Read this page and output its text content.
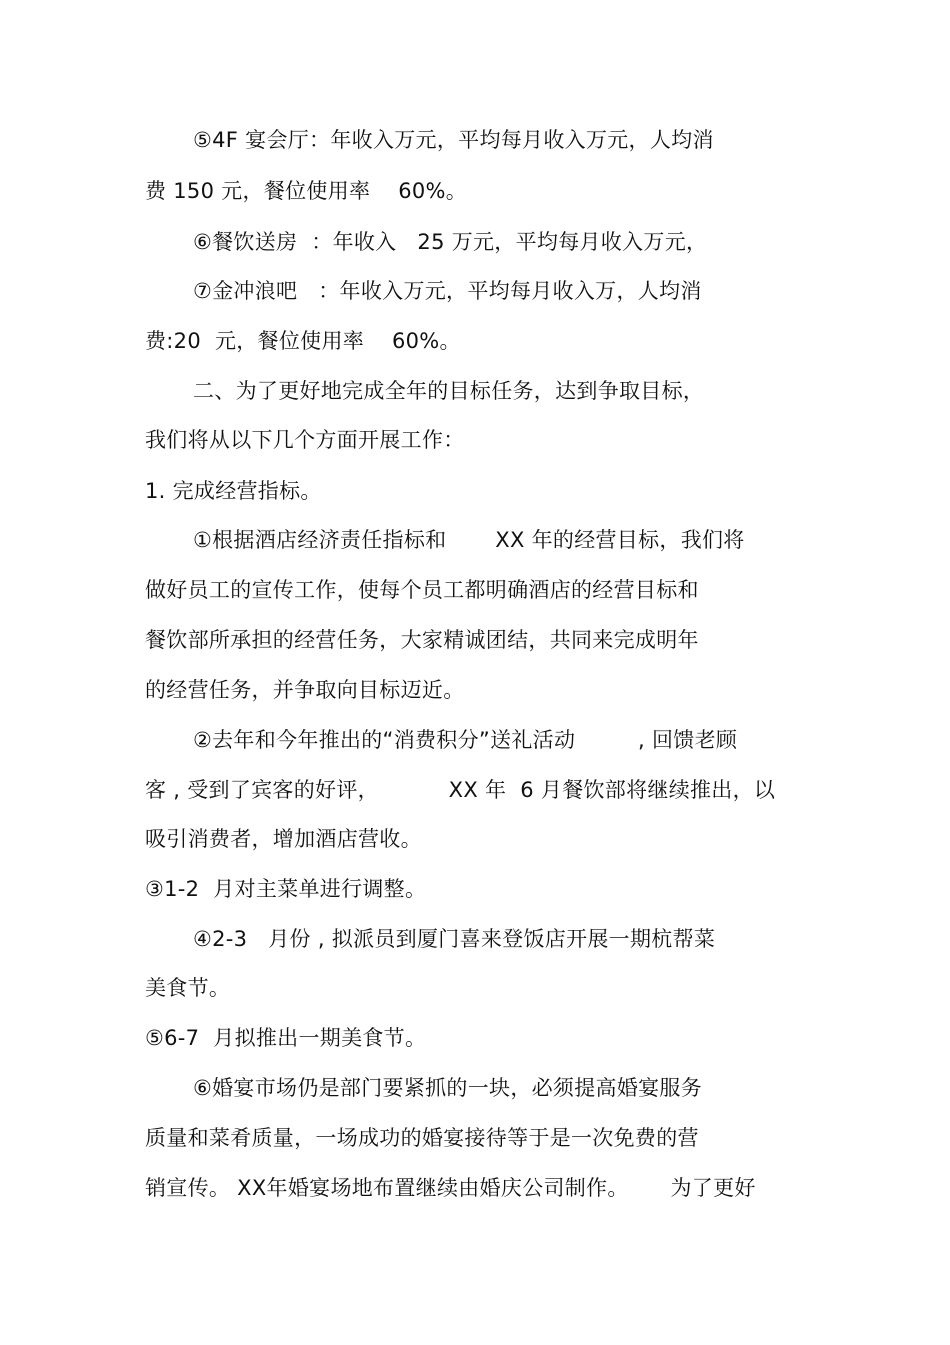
⑤4F 宴会厅：年收入万元，平均每月收入万元，人均消
费 150 元，餐位使用率    60%。
⑥餐饮送房  ：年收入   25 万元，平均每月收入万元，
⑦金冲浪吧   ：年收入万元，平均每月收入万，人均消
费:20  元，餐位使用率    60%。
二、为了更好地完成全年的目标任务，达到争取目标，
我们将从以下几个方面开展工作：
1. 完成经营指标。
①根据酒店经济责任指标和       XX 年的经营目标，我们将
做好员工的宣传工作，使每个员工都明确酒店的经营目标和
餐饮部所承担的经营任务，大家精诚团结，共同来完成明年
的经营任务，并争取向目标迈近。
②去年和今年推出的“消费积分”送礼活动         , 回馈老顾
客 , 受到了宾客的好评，          XX 年  6 月餐饮部将继续推出，以
吸引消费者，增加酒店营收。
③1-2  月对主菜单进行调整。
④2-3   月份 , 拟派员到厦门喜来登饭店开展一期杭帮菜
美食节。
⑤6-7  月拟推出一期美食节。
⑥婚宴市场仍是部门要紧抓的一块，必须提高婚宴服务
质量和菜肴质量，一场成功的婚宴接待等于是一次免费的营
销宣传。 XX年婚宴场地布置继续由婚庆公司制作。      为了更好
